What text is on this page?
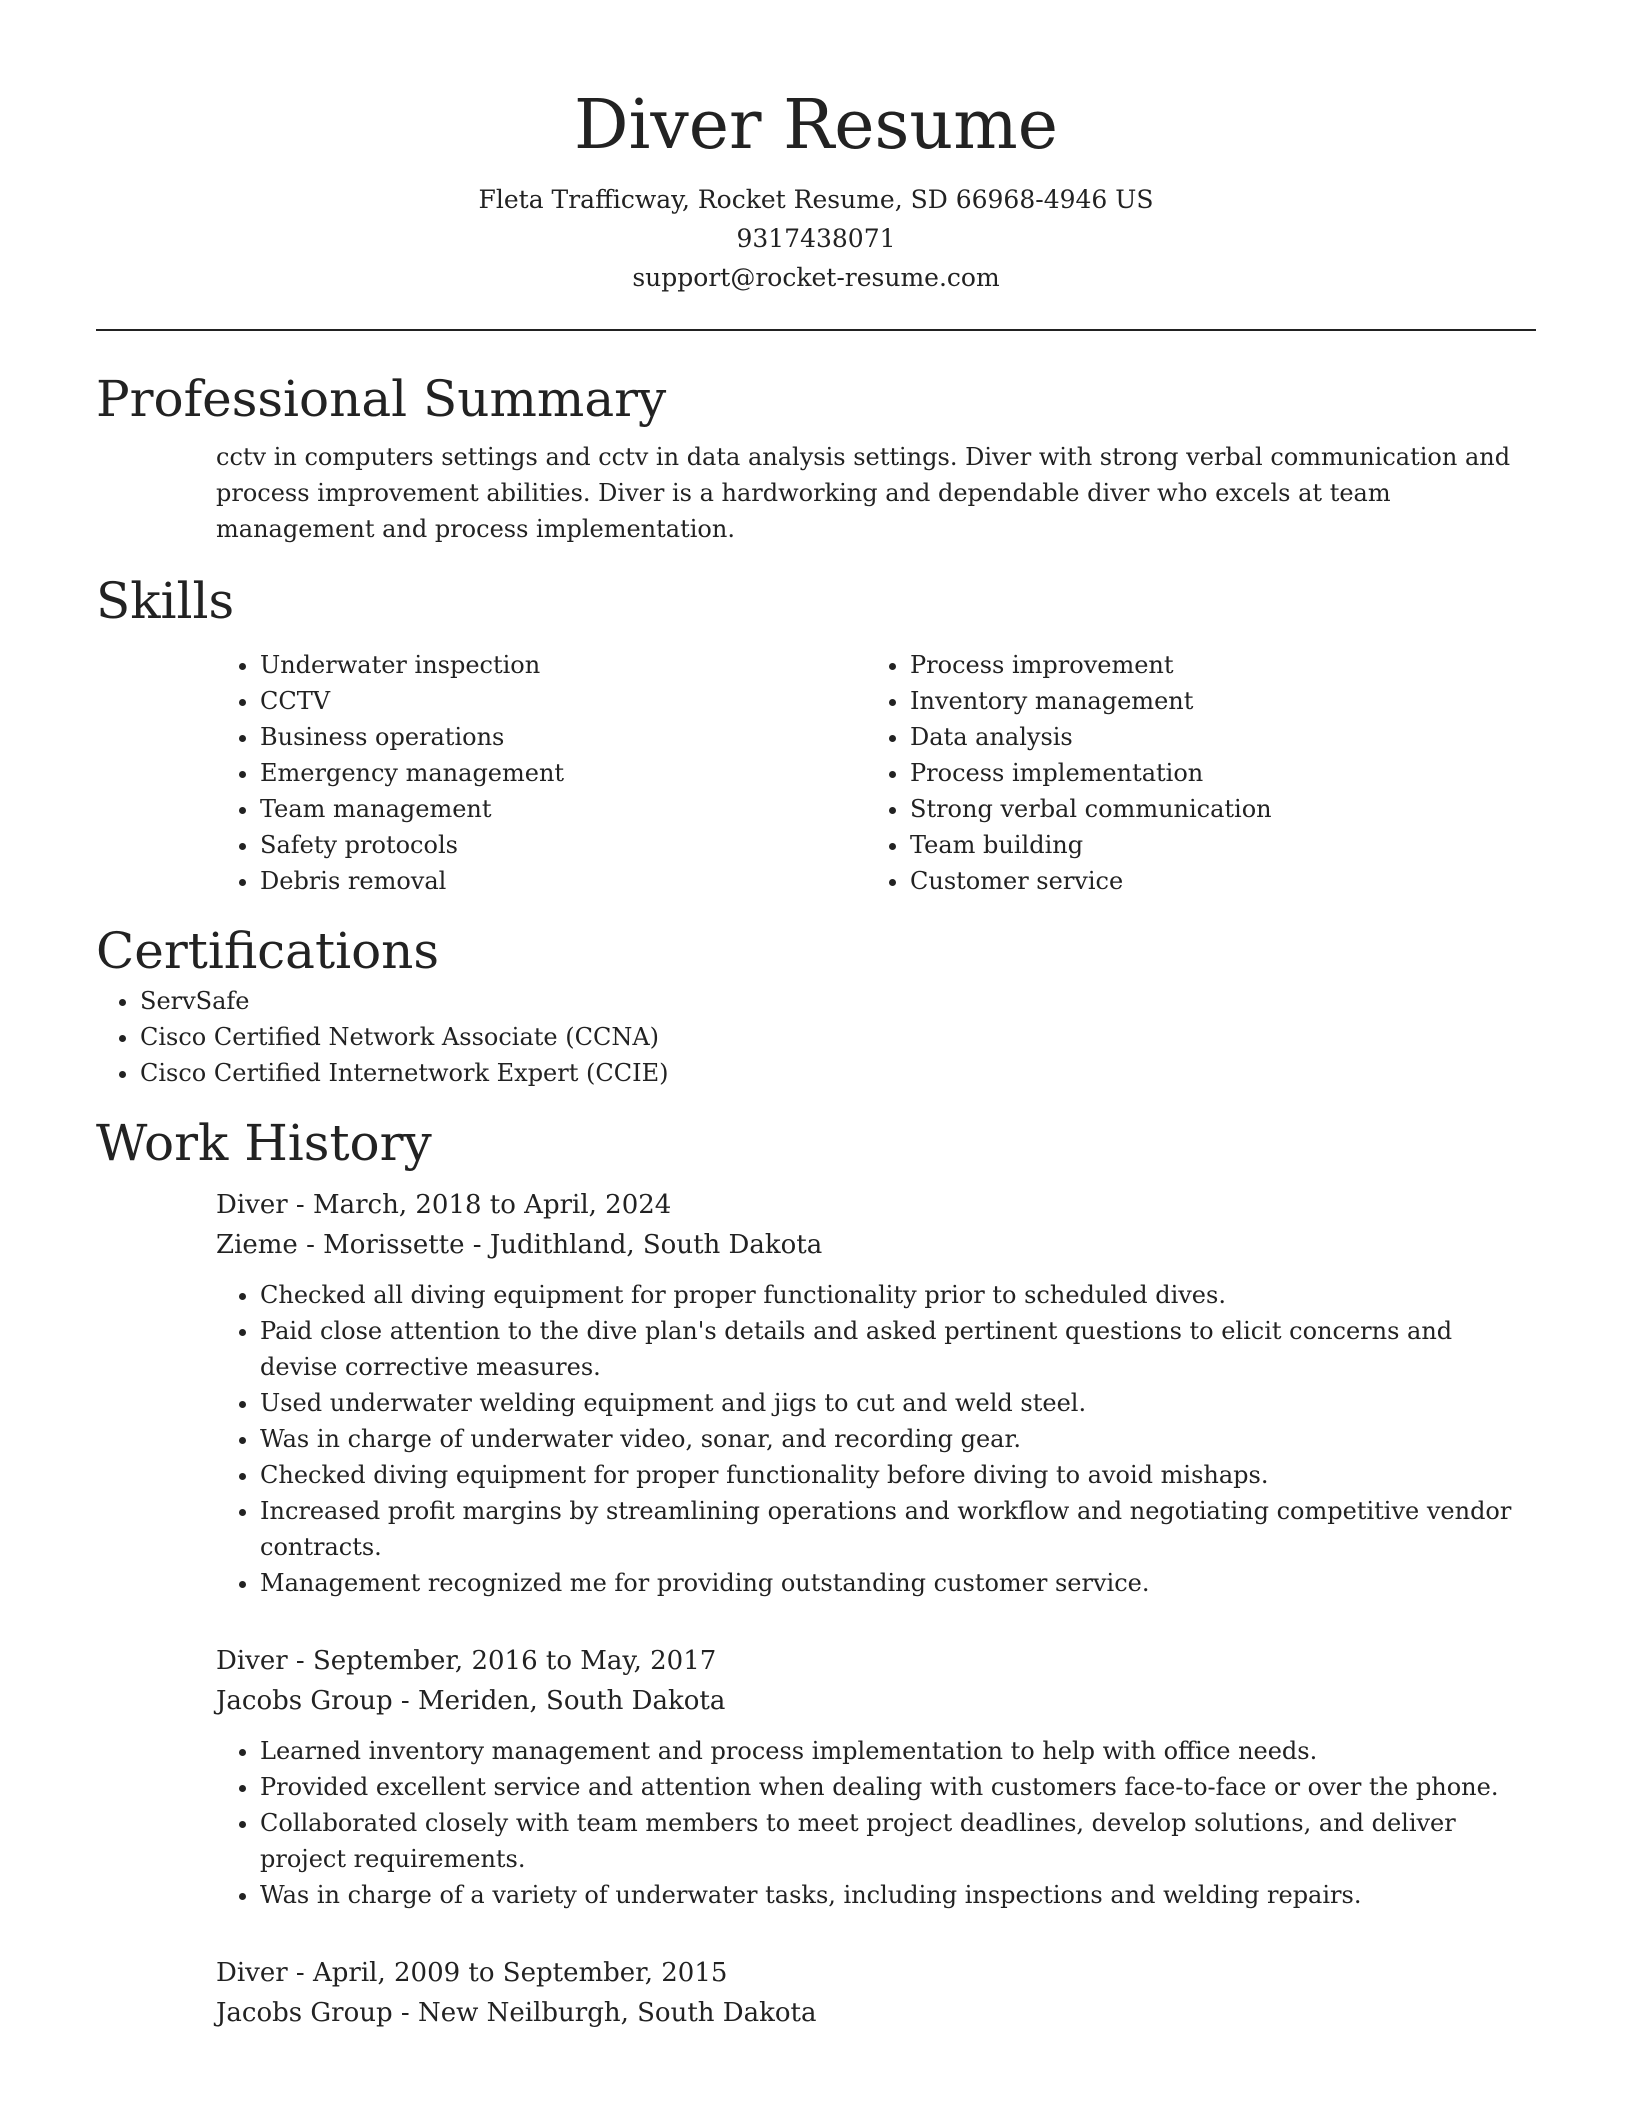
Diver Resume

Fleta Trafficway, Rocket Resume, SD 66968-4946 US

9317438071

support@rocket-resume.com

Professional Summary

cctv in computers settings and cctv in data analysis settings. Diver with strong verbal communication and process improvement abilities. Diver is a hardworking and dependable diver who excels at team management and process implementation.

Skills
• Underwater inspection
• CCTV
• Business operations
• Emergency management
• Team management
• Safety protocols
• Debris removal
• Process improvement
• Inventory management
• Data analysis
• Process implementation
• Strong verbal communication
• Team building
• Customer service
Certifications
• ServSafe
• Cisco Certified Network Associate (CCNA)
• Cisco Certified Internetwork Expert (CCIE)
Work History
Diver - March, 2018 to April, 2024
Zieme - Morissette - Judithland, South Dakota
• Checked all diving equipment for proper functionality prior to scheduled dives.
• Paid close attention to the dive plan's details and asked pertinent questions to elicit concerns and devise corrective measures.
• Used underwater welding equipment and jigs to cut and weld steel.
• Was in charge of underwater video, sonar, and recording gear.
• Checked diving equipment for proper functionality before diving to avoid mishaps.
• Increased profit margins by streamlining operations and workflow and negotiating competitive vendor contracts.
• Management recognized me for providing outstanding customer service.
Diver - September, 2016 to May, 2017
Jacobs Group - Meriden, South Dakota
• Learned inventory management and process implementation to help with office needs.
• Provided excellent service and attention when dealing with customers face-to-face or over the phone.
• Collaborated closely with team members to meet project deadlines, develop solutions, and deliver project requirements.
• Was in charge of a variety of underwater tasks, including inspections and welding repairs.
Diver - April, 2009 to September, 2015
Jacobs Group - New Neilburgh, South Dakota
